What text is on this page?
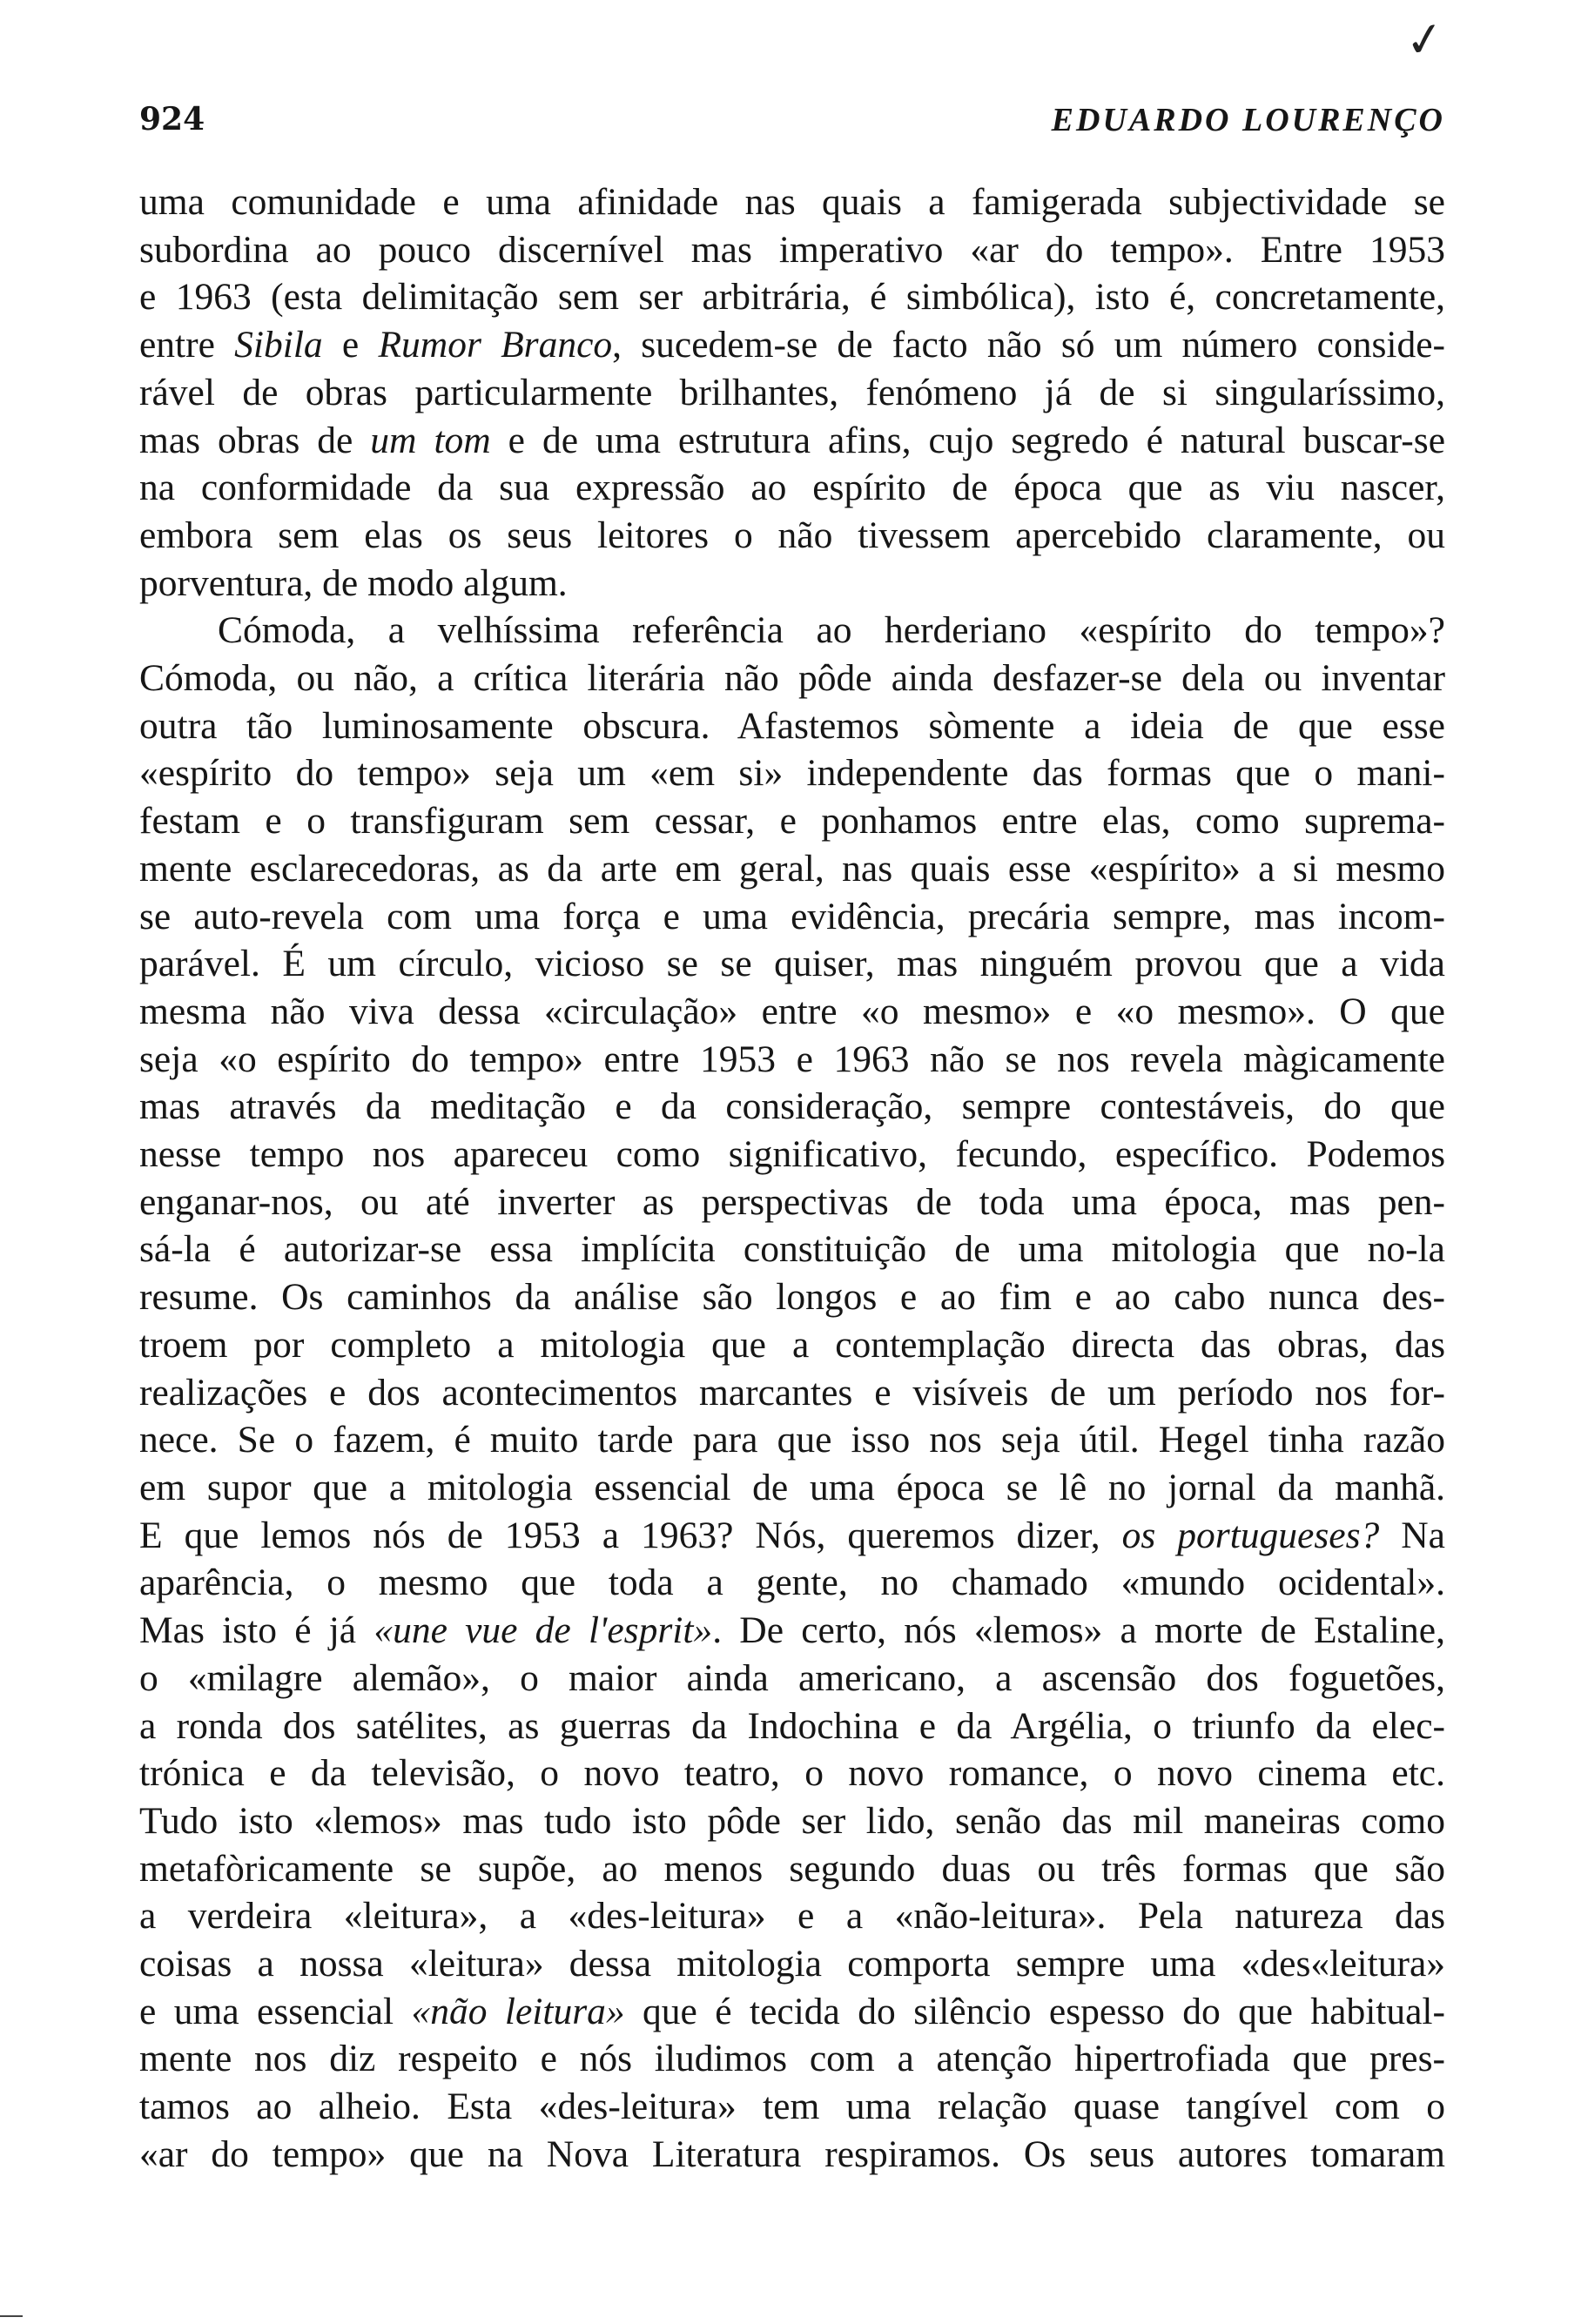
✓
924	EDUARDO LOURENÇO

uma comunidade e uma afinidade nas quais a famigerada subjectividade se

subordina ao pouco discernível mas imperativo «ar do tempo». Entre 1953

e 1963 (esta delimitação sem ser arbitrária, é simbólica), isto é, concretamente,

entre Sibila e Rumor Branco, sucedem-se de facto não só um número conside-

rável de obras particularmente brilhantes, fenómeno já de si singularíssimo,

mas obras de um tom e de uma estrutura afins, cujo segredo é natural buscar-se

na conformidade da sua expressão ao espírito de época que as viu nascer,

embora sem elas os seus leitores o não tivessem apercebido claramente, ou

porventura, de modo algum.

Cómoda, a velhíssima referência ao herderiano «espírito do tempo»?

Cómoda, ou não, a crítica literária não pôde ainda desfazer-se dela ou inventar

outra tão luminosamente obscura. Afastemos sòmente a ideia de que esse

«espírito do tempo» seja um «em si» independente das formas que o mani-

festam e o transfiguram sem cessar, e ponhamos entre elas, como suprema-

mente esclarecedoras, as da arte em geral, nas quais esse «espírito» a si mesmo

se auto-revela com uma força e uma evidência, precária sempre, mas incom-

parável. É um círculo, vicioso se se quiser, mas ninguém provou que a vida

mesma não viva dessa «circulação» entre «o mesmo» e «o mesmo». O que

seja «o espírito do tempo» entre 1953 e 1963 não se nos revela màgicamente

mas através da meditação e da consideração, sempre contestáveis, do que

nesse tempo nos apareceu como significativo, fecundo, específico. Podemos

enganar-nos, ou até inverter as perspectivas de toda uma época, mas pen-

sá-la é autorizar-se essa implícita constituição de uma mitologia que no-la

resume. Os caminhos da análise são longos e ao fim e ao cabo nunca des-

troem por completo a mitologia que a contemplação directa das obras, das

realizações e dos acontecimentos marcantes e visíveis de um período nos for-

nece. Se o fazem, é muito tarde para que isso nos seja útil. Hegel tinha razão

em supor que a mitologia essencial de uma época se lê no jornal da manhã.

E que lemos nós de 1953 a 1963? Nós, queremos dizer, os portugueses? Na

aparência, o mesmo que toda a gente, no chamado «mundo ocidental».

Mas isto é já «une vue de l'esprit». De certo, nós «lemos» a morte de Estaline,

o «milagre alemão», o maior ainda americano, a ascensão dos foguetões,

a ronda dos satélites, as guerras da Indochina e da Argélia, o triunfo da elec-

trónica e da televisão, o novo teatro, o novo romance, o novo cinema etc.

Tudo isto «lemos» mas tudo isto pôde ser lido, senão das mil maneiras como

metafòricamente se supõe, ao menos segundo duas ou três formas que são

a verdeira «leitura», a «des-leitura» e a «não-leitura». Pela natureza das

coisas a nossa «leitura» dessa mitologia comporta sempre uma «des«leitura»

e uma essencial «não leitura» que é tecida do silêncio espesso do que habitual-

mente nos diz respeito e nós iludimos com a atenção hipertrofiada que pres-

tamos ao alheio. Esta «des-leitura» tem uma relação quase tangível com o

«ar do tempo» que na Nova Literatura respiramos. Os seus autores tomaram
